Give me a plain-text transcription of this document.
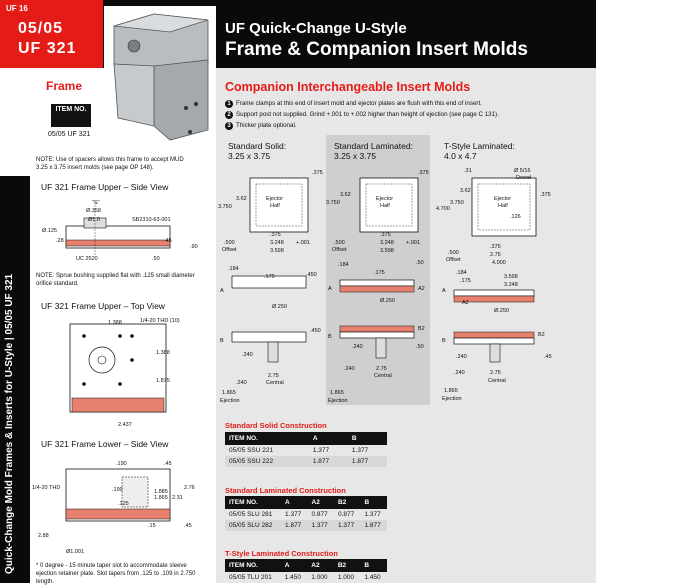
UF 16
05/05
UF 321
UF Quick-Change U-Style
Frame & Companion Insert Molds
Frame
ITEM NO.
05/05 UF 321
NOTE: Use of spacers allows this frame to accept MUD 3.25 x 3.75 insert molds (see page OP 148).
Quick-Change Mold Frames & Inserts for U-Style | 05/05 UF 321
UF 321 Frame Upper – Side View
"S"
Ø.358
Ø1.0	SB2310-63-001
Ø.125
.45
.90
.28
UC 2520	.50
NOTE: Sprue bushing supplied flat with .125 small diameter orifice standard.
UF 321 Frame Upper – Top View
1.388	1/4-20 THD (10)
1.388
1.875
2.437
UF 321 Frame Lower – Side View
.190	.45
1/4-20 THD	.190
.125
1.885
1.865 2.31
2.76
.15	.45
2.88
Ø1.001
* 0 degree - 15 minute taper slot to accommodate sleeve ejection retainer plate. Slot tapers from .125 to .109 in 2.750 length.
Companion Interchangeable Insert Molds
1 Frame clamps at this end of insert mold and ejector plates are flush with this end of insert.
2 Support post not supplied. Grind +.001 to +.002 higher than height of ejection (see page C 131).
3 Thicker plate optional.
Standard Solid:
3.25 x 3.75
Standard Laminated:
3.25 x 3.75
T-Style Laminated:
4.0 x 4.7
Ejector
Half
3.62
3.750
.375
.500
Offset
.375
3.248 +.001
3.598
.184
.175	.450
A
Ø.250
B
.450
.240
.240
2.75
Central
1.865
Ejection
Ejector
Half
3.62
3.750
.375
.500
Offset
.375
3.248 +.001
3.598
.184
.175
.50
A	A2
Ø.250
B
B2
.240	.50
.240	2.75
Central
1.865
Ejection
Ejector
Half
.31	Ø 5/16
Dowel
3.62
3.750
4.700
.375
.126
.500
Offset
.375
2.75
4.000
.184
.175
3.598
3.248
A
A2
Ø.250
B
B2
.45
.240
.240	2.75
Central
1.865
Ejection
Standard Solid Construction
ITEM NO.	A	B
05/05 SSU 221	1.377	1.377
05/05 SSU 222	1.877	1.877
Standard Laminated Construction
ITEM NO.	A	A2	B2	B
05/05 SLU 281	1.377	0.877	0.877	1.377
05/05 SLU 282	1.877	1.377	1.377	1.877
T-Style Laminated Construction
ITEM NO.	A	A2	B2	B
05/05 TLU 201	1.450	1.000	1.000	1.450
